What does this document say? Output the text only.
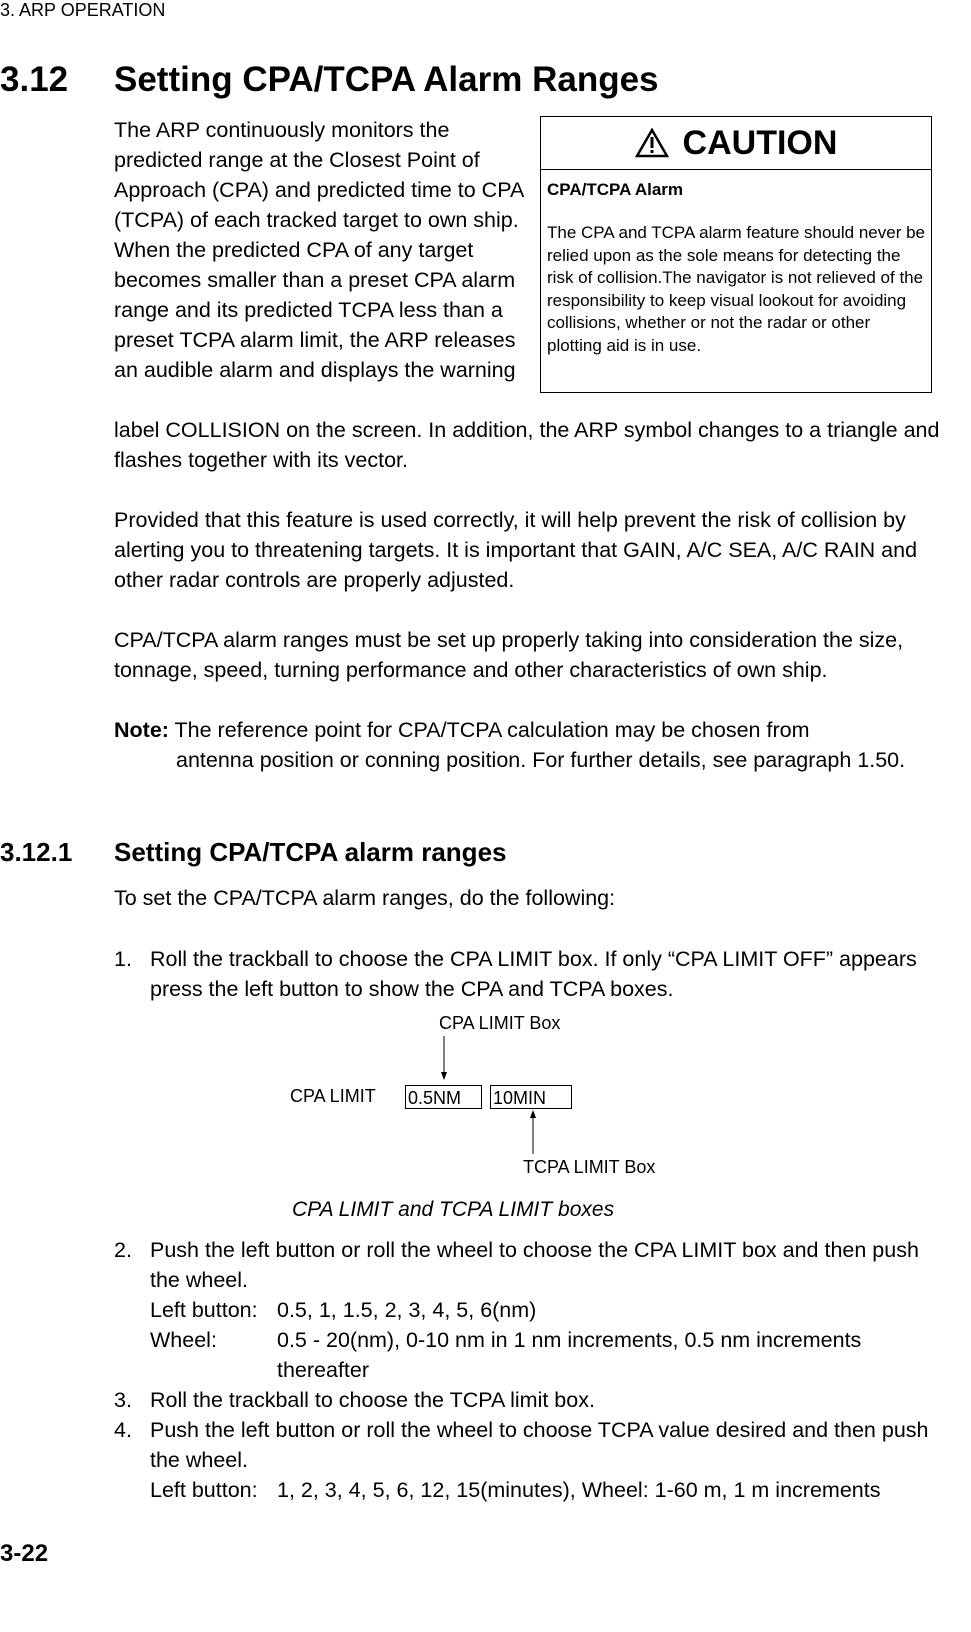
3. ARP OPERATION
3.12 Setting CPA/TCPA Alarm Ranges
The ARP continuously monitors the predicted range at the Closest Point of Approach (CPA) and predicted time to CPA (TCPA) of each tracked target to own ship. When the predicted CPA of any target becomes smaller than a preset CPA alarm range and its predicted TCPA less than a preset TCPA alarm limit, the ARP releases an audible alarm and displays the warning
label COLLISION on the screen. In addition, the ARP symbol changes to a triangle and flashes together with its vector.
CAUTION
CPA/TCPA Alarm
The CPA and TCPA alarm feature should never be relied upon as the sole means for detecting the risk of collision.The navigator is not relieved of the responsibility to keep visual lookout for avoiding collisions, whether or not the radar or other plotting aid is in use.
Provided that this feature is used correctly, it will help prevent the risk of collision by alerting you to threatening targets. It is important that GAIN, A/C SEA, A/C RAIN and other radar controls are properly adjusted.
CPA/TCPA alarm ranges must be set up properly taking into consideration the size, tonnage, speed, turning performance and other characteristics of own ship.
Note: The reference point for CPA/TCPA calculation may be chosen from
antenna position or conning position. For further details, see paragraph 1.50.
3.12.1 Setting CPA/TCPA alarm ranges
To set the CPA/TCPA alarm ranges, do the following:
1. Roll the trackball to choose the CPA LIMIT box. If only “CPA LIMIT OFF” appears press the left button to show the CPA and TCPA boxes.
CPA LIMIT Box
CPA LIMIT 0.5NM	10MIN
TCPA LIMIT Box
CPA LIMIT and TCPA LIMIT boxes
2. Push the left button or roll the wheel to choose the CPA LIMIT box and then push the wheel.
Left button: 0.5, 1, 1.5, 2, 3, 4, 5, 6(nm)
Wheel:	0.5 - 20(nm), 0-10 nm in 1 nm increments, 0.5 nm increments thereafter
3. Roll the trackball to choose the TCPA limit box.
4. Push the left button or roll the wheel to choose TCPA value desired and then push the wheel.
Left button: 1, 2, 3, 4, 5, 6, 12, 15(minutes), Wheel: 1-60 m, 1 m increments
3-22
